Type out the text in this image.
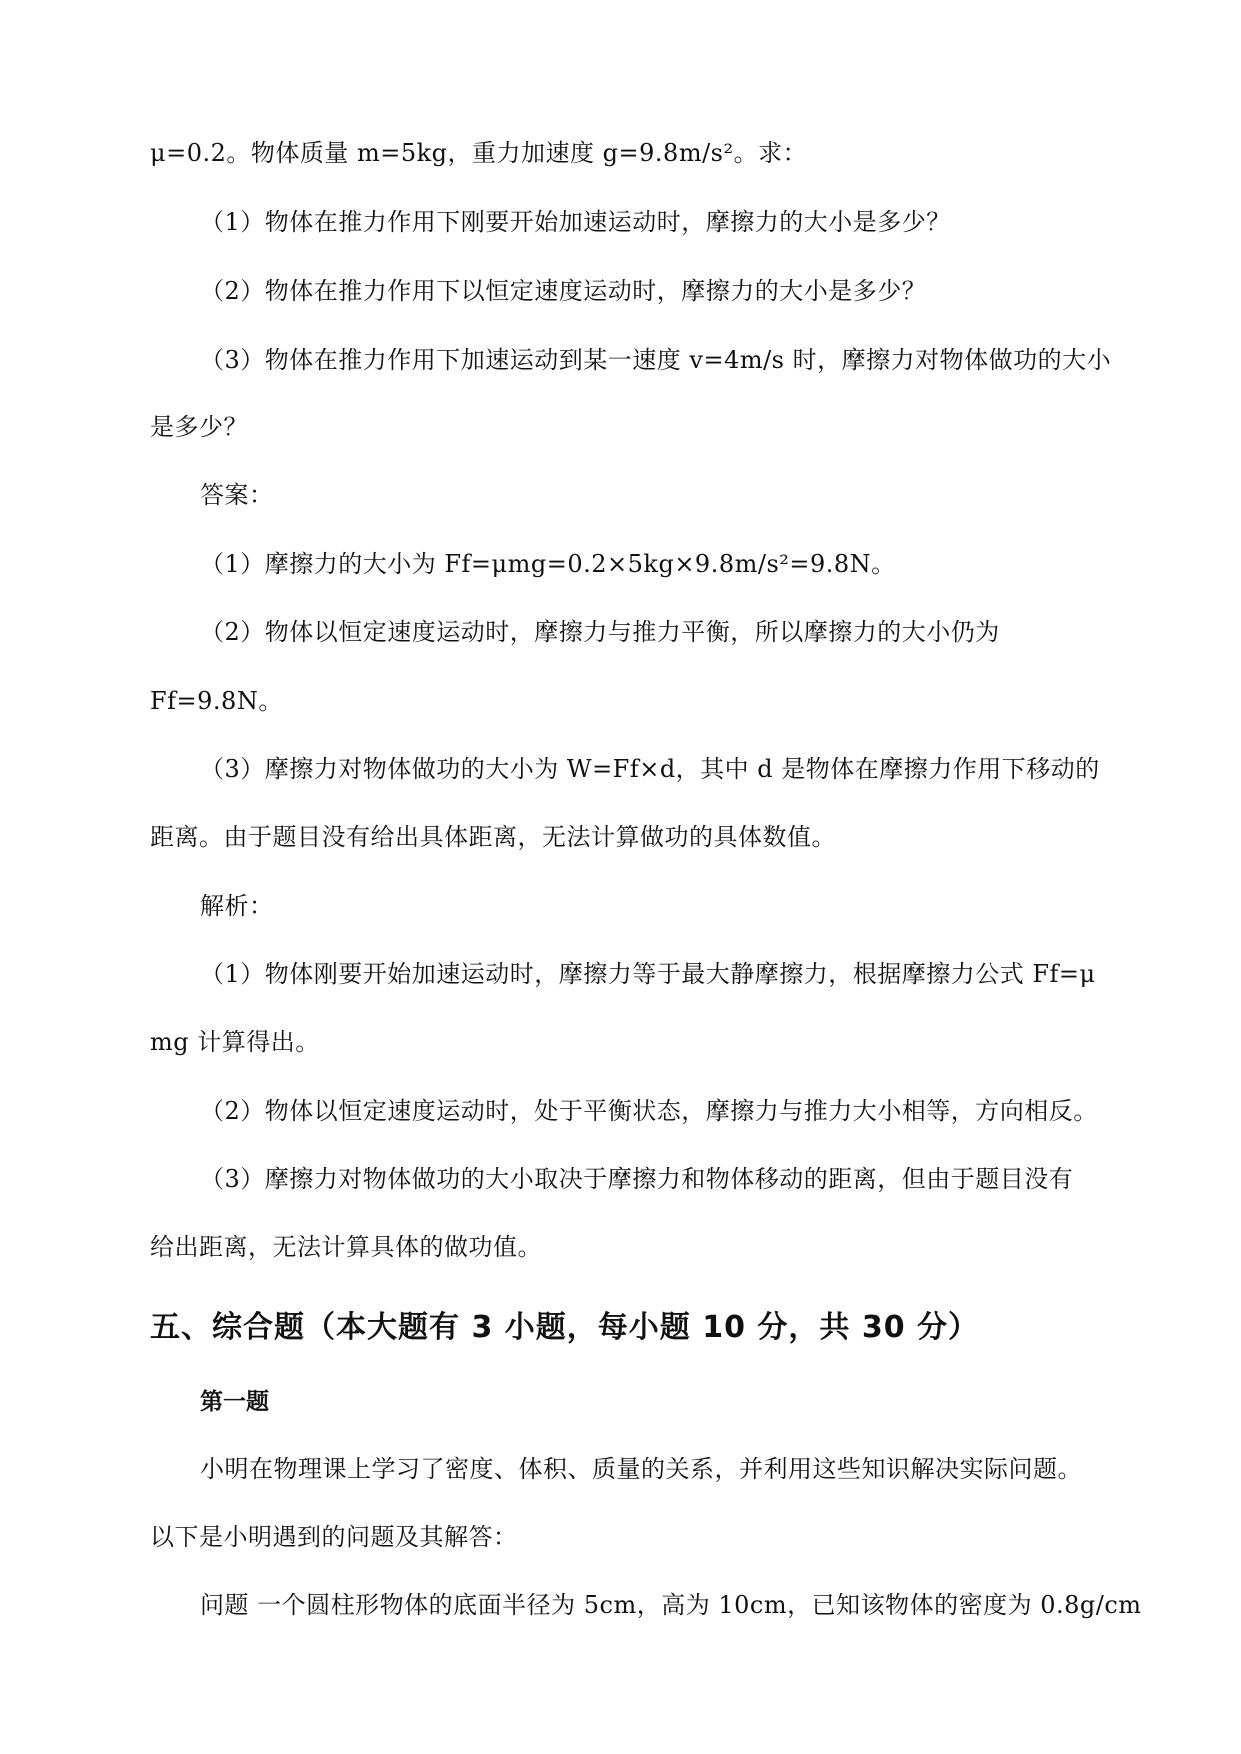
μ=0.2。物体质量 m=5kg，重力加速度 g=9.8m/s²。求：
（1）物体在推力作用下刚要开始加速运动时，摩擦力的大小是多少？
（2）物体在推力作用下以恒定速度运动时，摩擦力的大小是多少？
（3）物体在推力作用下加速运动到某一速度 v=4m/s 时，摩擦力对物体做功的大小
是多少？
答案：
（1）摩擦力的大小为 Ff=μmg=0.2×5kg×9.8m/s²=9.8N。
（2）物体以恒定速度运动时，摩擦力与推力平衡，所以摩擦力的大小仍为
Ff=9.8N。
（3）摩擦力对物体做功的大小为 W=Ff×d，其中 d 是物体在摩擦力作用下移动的
距离。由于题目没有给出具体距离，无法计算做功的具体数值。
解析：
（1）物体刚要开始加速运动时，摩擦力等于最大静摩擦力，根据摩擦力公式 Ff=μ
mg 计算得出。
（2）物体以恒定速度运动时，处于平衡状态，摩擦力与推力大小相等，方向相反。
（3）摩擦力对物体做功的大小取决于摩擦力和物体移动的距离，但由于题目没有
给出距离，无法计算具体的做功值。
五、综合题（本大题有 3 小题，每小题 10 分，共 30 分）
第一题
小明在物理课上学习了密度、体积、质量的关系，并利用这些知识解决实际问题。
以下是小明遇到的问题及其解答：
问题 一个圆柱形物体的底面半径为 5cm，高为 10cm，已知该物体的密度为 0.8g/cm
